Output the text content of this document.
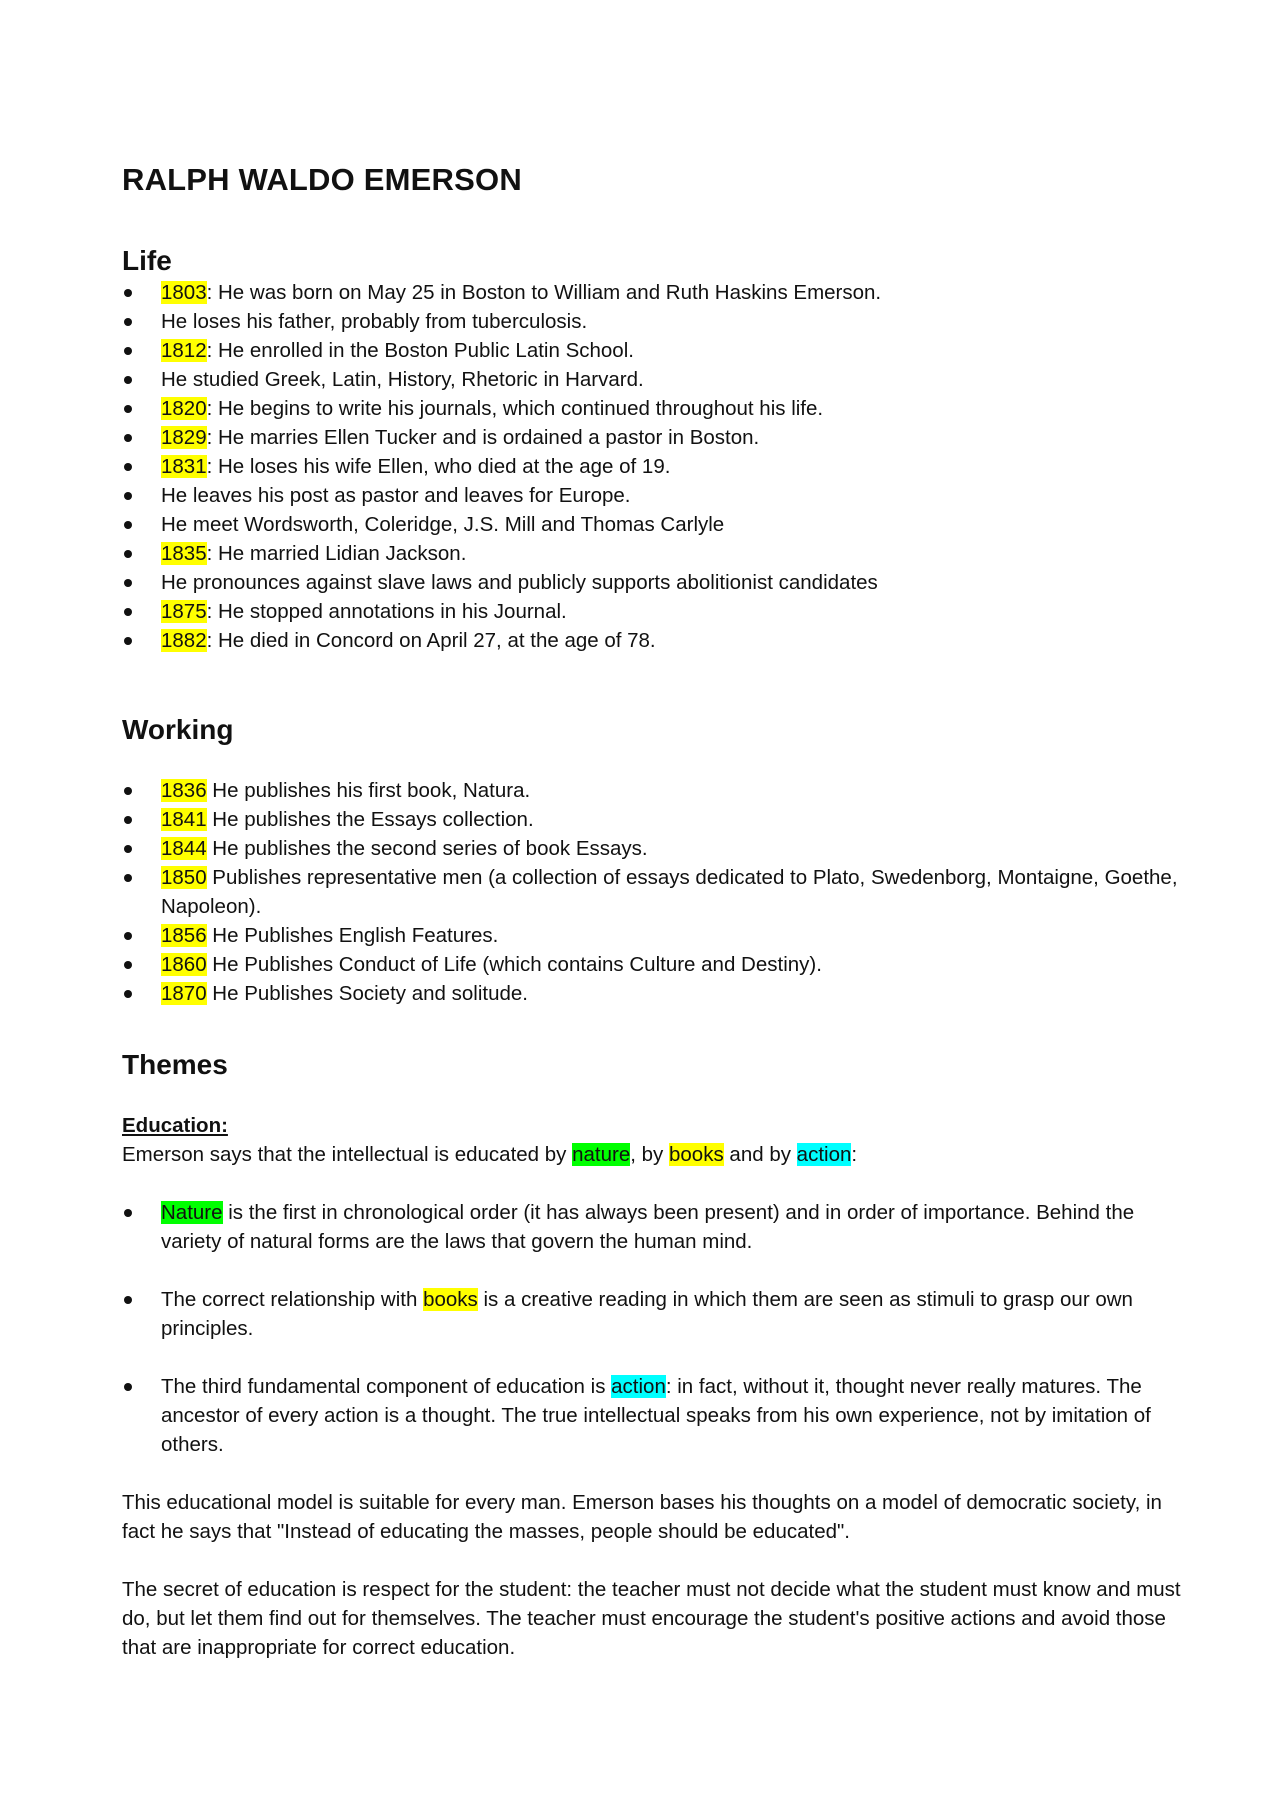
RALPH WALDO EMERSON
Life
1803: He was born on May 25 in Boston to William and Ruth Haskins Emerson.
He loses his father, probably from tuberculosis.
1812: He enrolled in the Boston Public Latin School.
He studied Greek, Latin, History, Rhetoric in Harvard.
1820: He begins to write his journals, which continued throughout his life.
1829: He marries Ellen Tucker and is ordained a pastor in Boston.
1831: He loses his wife Ellen, who died at the age of 19.
He leaves his post as pastor and leaves for Europe.
He meet Wordsworth, Coleridge, J.S. Mill and Thomas Carlyle
1835: He married Lidian Jackson.
He pronounces against slave laws and publicly supports abolitionist candidates
1875: He stopped annotations in his Journal.
1882: He died in Concord on April 27, at the age of 78.
Working
1836 He publishes his first book, Natura.
1841 He publishes the Essays collection.
1844 He publishes the second series of book Essays.
1850 Publishes representative men (a collection of essays dedicated to Plato, Swedenborg, Montaigne, Goethe, Napoleon).
1856 He Publishes English Features.
1860 He Publishes Conduct of Life (which contains Culture and Destiny).
1870 He Publishes Society and solitude.
Themes
Education:

Emerson says that the intellectual is educated by nature, by books and by action:

Nature is the first in chronological order (it has always been present) and in order of importance. Behind the variety of natural forms are the laws that govern the human mind.
The correct relationship with books is a creative reading in which them are seen as stimuli to grasp our own principles.
The third fundamental component of education is action: in fact, without it, thought never really matures. The ancestor of every action is a thought. The true intellectual speaks from his own experience, not by imitation of others.

This educational model is suitable for every man. Emerson bases his thoughts on a model of democratic society, in fact he says that "Instead of educating the masses, people should be educated".

The secret of education is respect for the student: the teacher must not decide what the student must know and must do, but let them find out for themselves. The teacher must encourage the student's positive actions and avoid those that are inappropriate for correct education.
